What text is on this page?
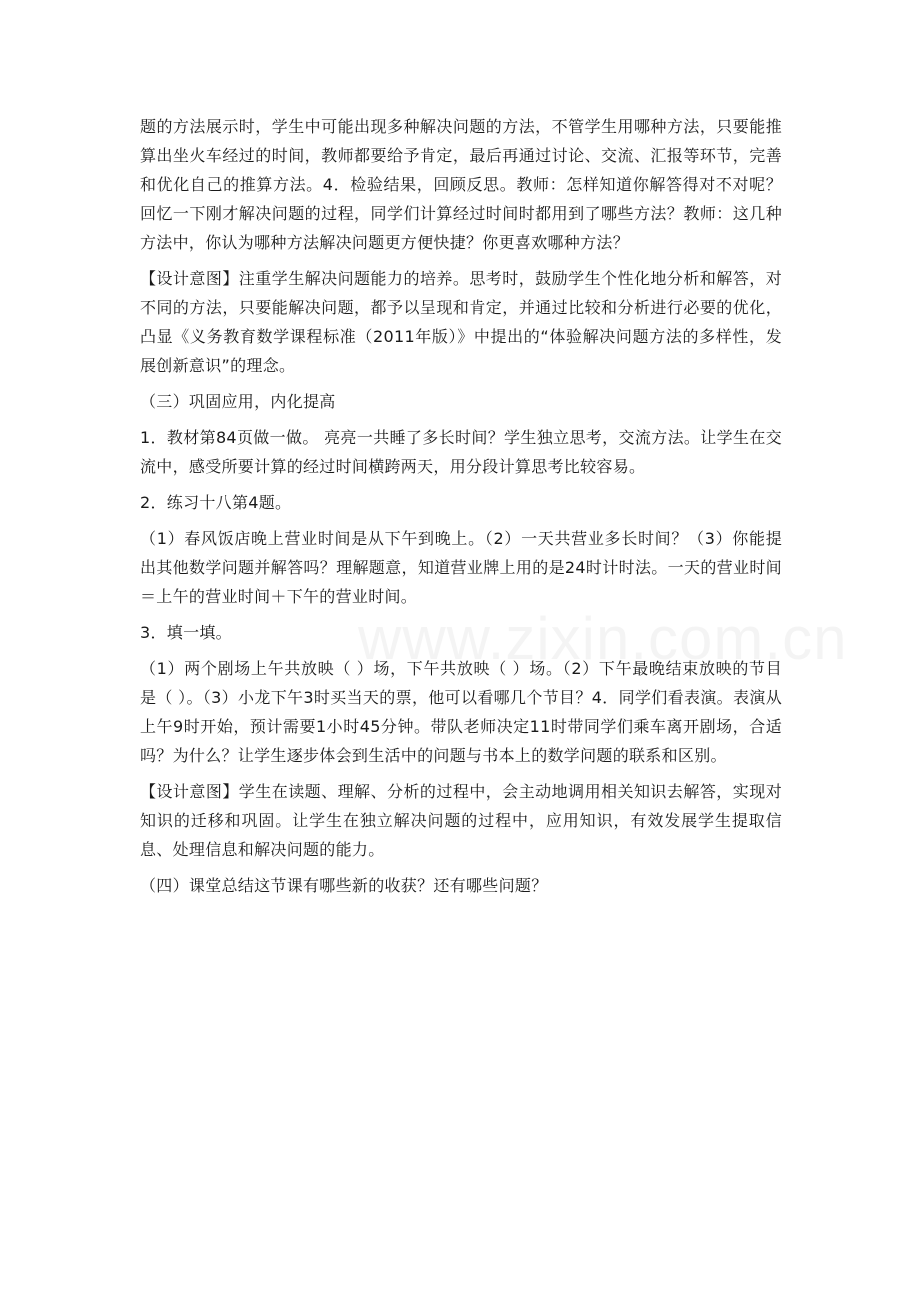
题的方法展示时，学生中可能出现多种解决问题的方法，不管学生用哪种方法，只要能推算出坐火车经过的时间，教师都要给予肯定，最后再通过讨论、交流、汇报等环节，完善和优化自己的推算方法。4．检验结果，回顾反思。教师：怎样知道你解答得对不对呢？回忆一下刚才解决问题的过程，同学们计算经过时间时都用到了哪些方法？教师：这几种方法中，你认为哪种方法解决问题更方便快捷？你更喜欢哪种方法？

【设计意图】注重学生解决问题能力的培养。思考时，鼓励学生个性化地分析和解答，对不同的方法，只要能解决问题，都予以呈现和肯定，并通过比较和分析进行必要的优化，凸显《义务教育数学课程标准（2011年版）》中提出的“体验解决问题方法的多样性，发展创新意识”的理念。

（三）巩固应用，内化提高

1．教材第84页做一做。 亮亮一共睡了多长时间？学生独立思考，交流方法。让学生在交流中，感受所要计算的经过时间横跨两天，用分段计算思考比较容易。

2．练习十八第4题。

（1）春风饭店晚上营业时间是从下午到晚上。（2）一天共营业多长时间？（3）你能提出其他数学问题并解答吗？理解题意，知道营业牌上用的是24时计时法。一天的营业时间＝上午的营业时间＋下午的营业时间。

3．填一填。

（1）两个剧场上午共放映（ ）场，下午共放映（ ）场。（2）下午最晚结束放映的节目是（ ）。（3）小龙下午3时买当天的票，他可以看哪几个节目？4．同学们看表演。表演从上午9时开始，预计需要1小时45分钟。带队老师决定11时带同学们乘车离开剧场，合适吗？为什么？让学生逐步体会到生活中的问题与书本上的数学问题的联系和区别。

【设计意图】学生在读题、理解、分析的过程中，会主动地调用相关知识去解答，实现对知识的迁移和巩固。让学生在独立解决问题的过程中，应用知识，有效发展学生提取信息、处理信息和解决问题的能力。

（四）课堂总结这节课有哪些新的收获？还有哪些问题？
